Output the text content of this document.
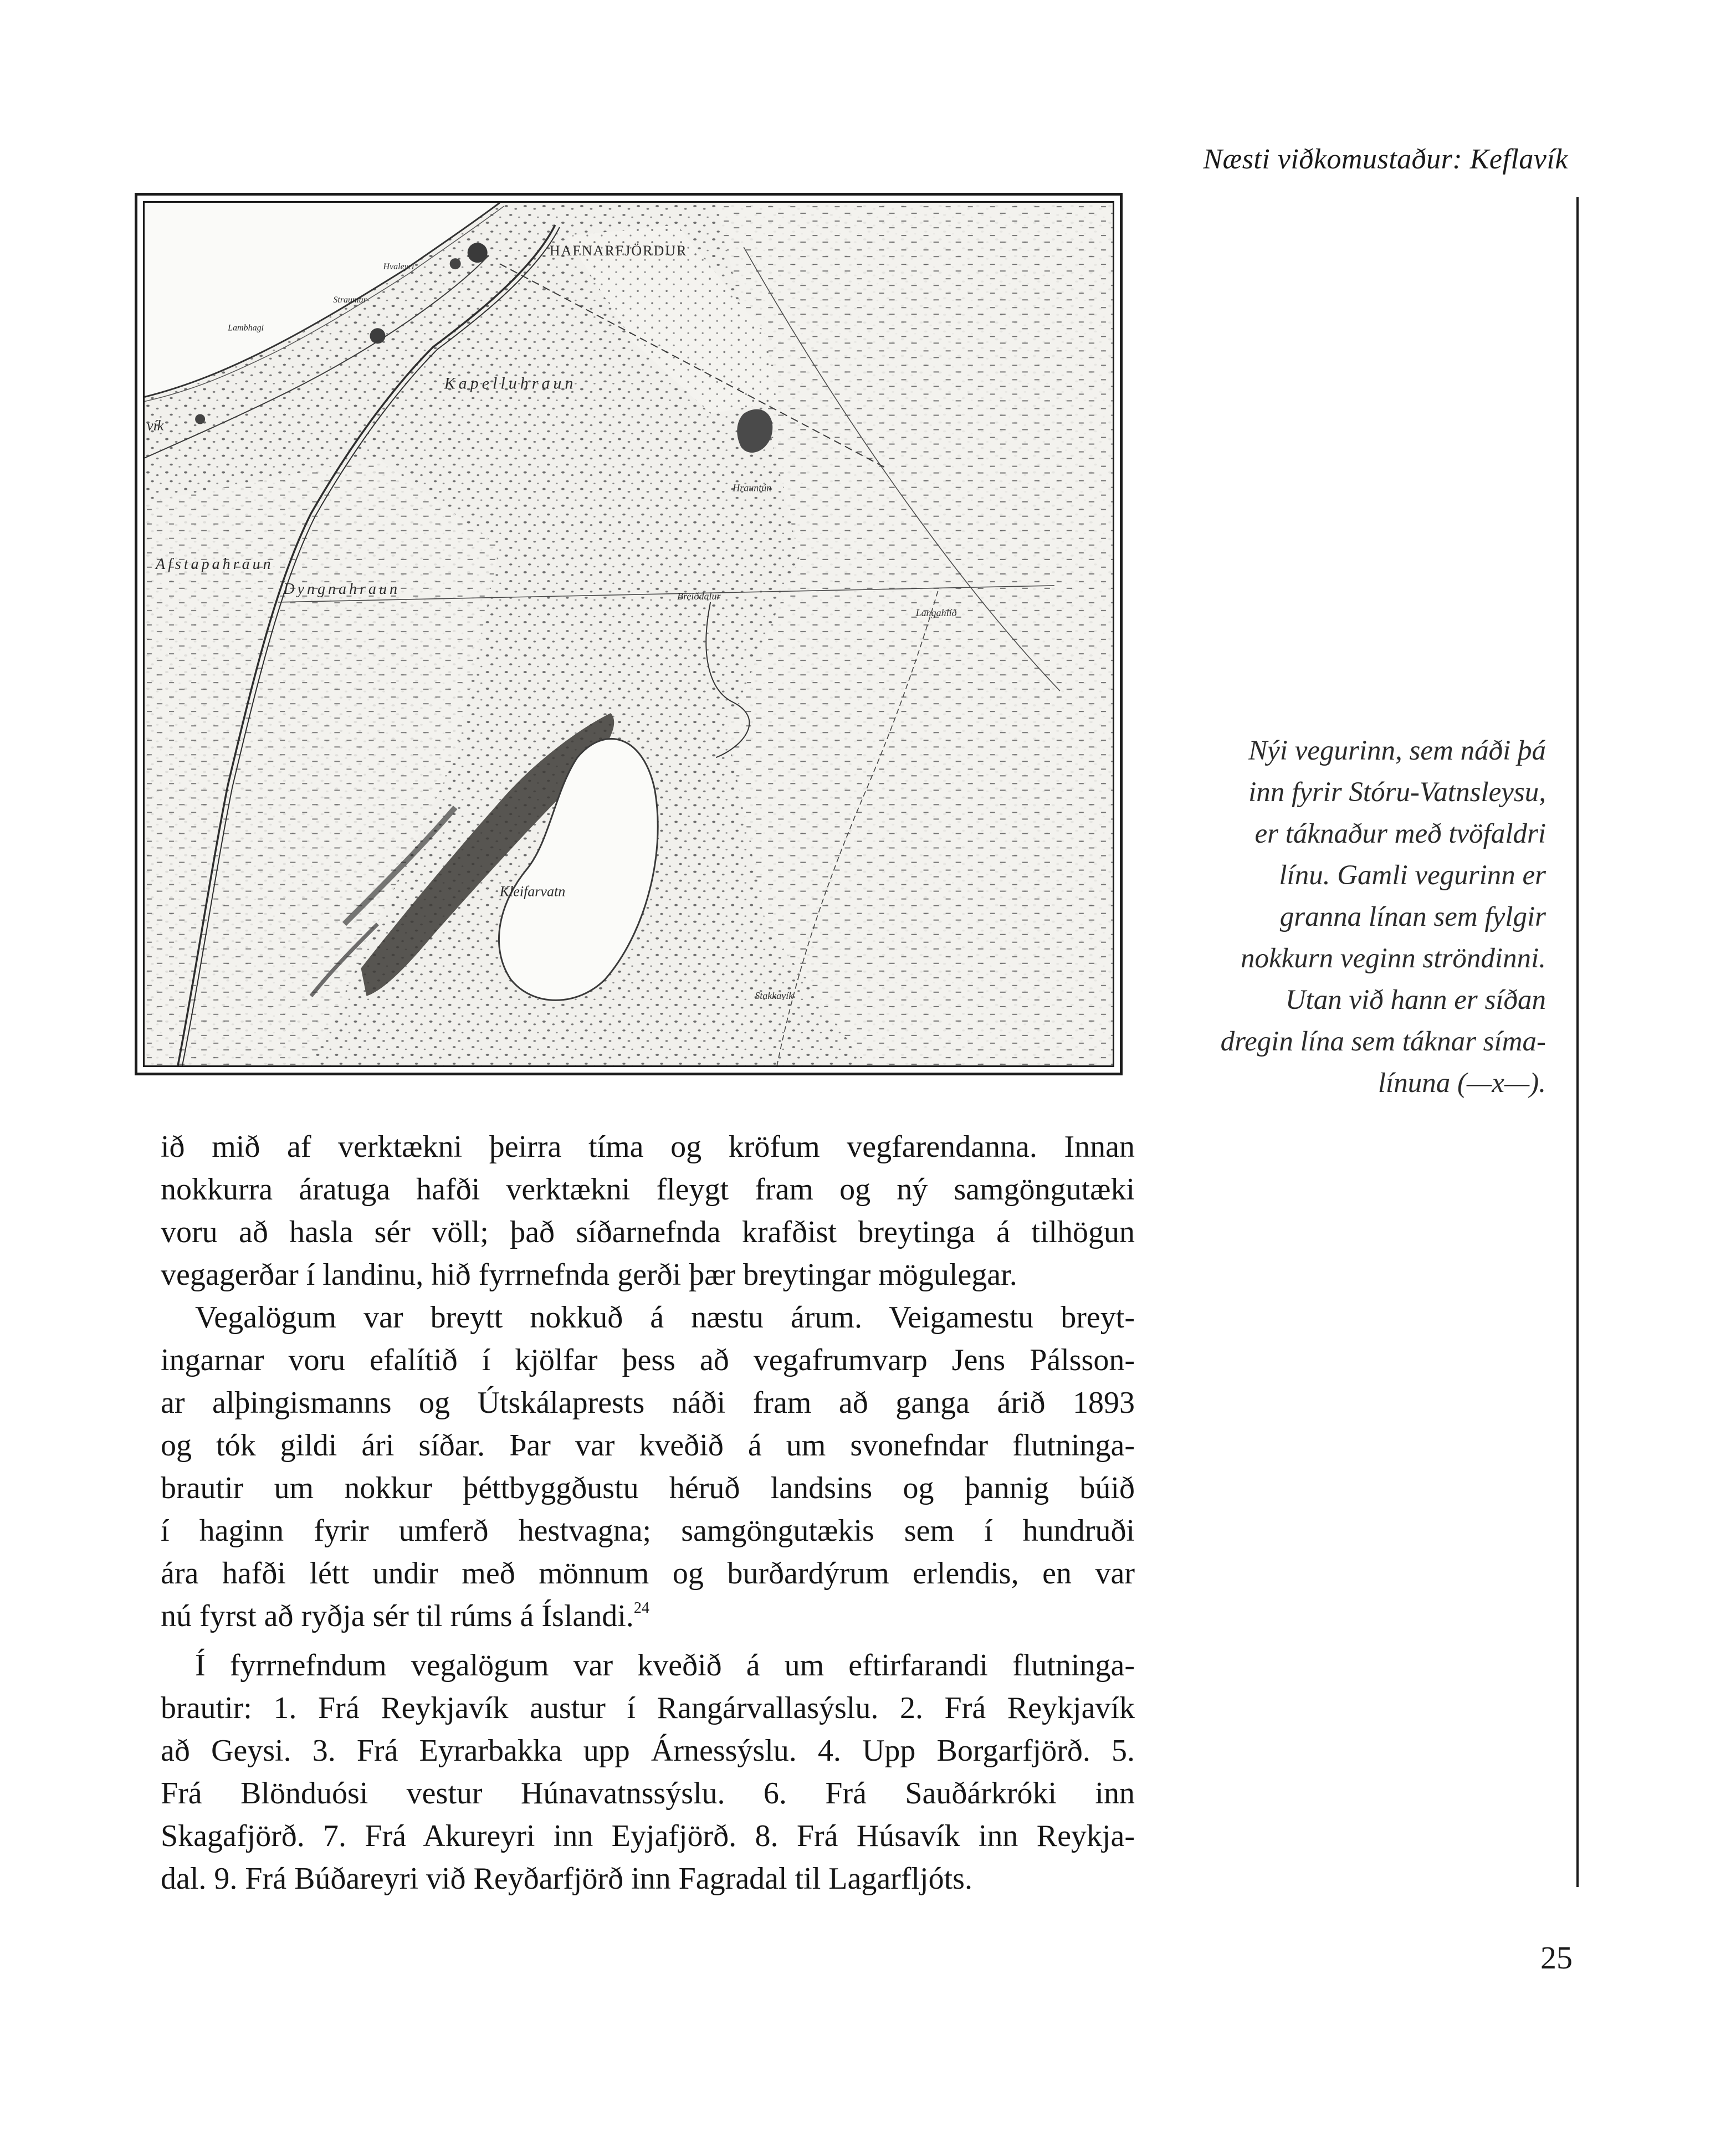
Næsti viðkomustaður: Keflavík
HAFNARFJÖRDUR
Kapelluhraun
Afstapahraun
Dyngnahraun
Kleifarvatn
Breiðdalur
Langahlíð
Hrauntún
Stakkavík
vík
Hvaleyri
Lambhagi
Straumur
Nýi vegurinn, sem náði þá
inn fyrir Stóru-Vatnsleysu,
er táknaður með tvöfaldri
línu. Gamli vegurinn er
granna línan sem fylgir
nokkurn veginn ströndinni.
Utan við hann er síðan
dregin lína sem táknar síma-
línuna (—x—).
ið mið af verktækni þeirra tíma og kröfum vegfarendanna. Innan
nokkurra áratuga hafði verktækni fleygt fram og ný samgöngutæki
voru að hasla sér völl; það síðarnefnda krafðist breytinga á tilhögun
vegagerðar í landinu, hið fyrrnefnda gerði þær breytingar mögulegar.
Vegalögum var breytt nokkuð á næstu árum. Veigamestu breyt-
ingarnar voru efalítið í kjölfar þess að vegafrumvarp Jens Pálsson-
ar alþingismanns og Útskálaprests náði fram að ganga árið 1893
og tók gildi ári síðar. Þar var kveðið á um svonefndar flutninga-
brautir um nokkur þéttbyggðustu héruð landsins og þannig búið
í haginn fyrir umferð hestvagna; samgöngutækis sem í hundruði
ára hafði létt undir með mönnum og burðardýrum erlendis, en var
nú fyrst að ryðja sér til rúms á Íslandi.$^{24}$
Í fyrrnefndum vegalögum var kveðið á um eftirfarandi flutninga-
brautir: 1. Frá Reykjavík austur í Rangárvallasýslu. 2. Frá Reykjavík
að Geysi. 3. Frá Eyrarbakka upp Árnessýslu. 4. Upp Borgarfjörð. 5.
Frá Blönduósi vestur Húnavatnssýslu. 6. Frá Sauðárkróki inn
Skagafjörð. 7. Frá Akureyri inn Eyjafjörð. 8. Frá Húsavík inn Reykja-
dal. 9. Frá Búðareyri við Reyðarfjörð inn Fagradal til Lagarfljóts.
25
